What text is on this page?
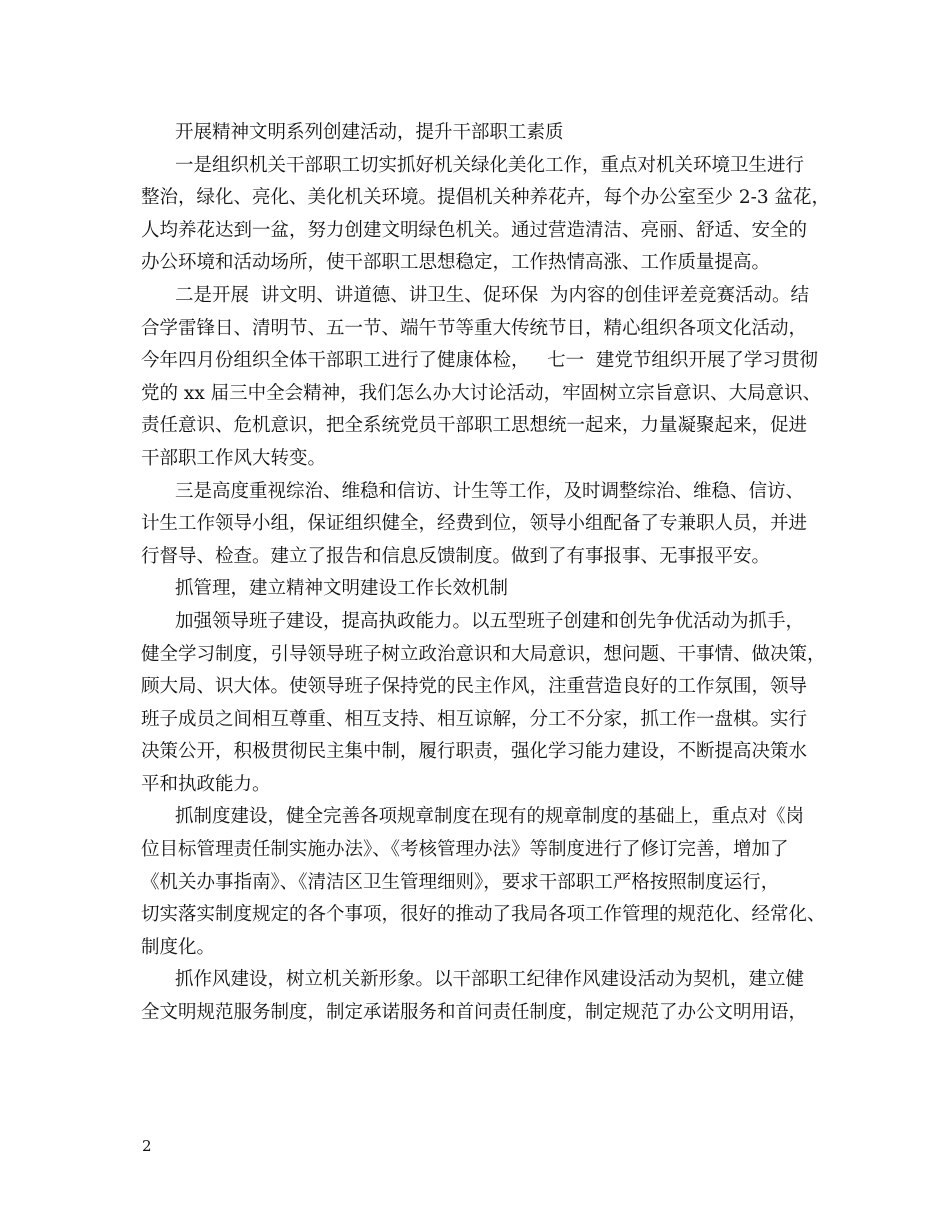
开展精神文明系列创建活动，提升干部职工素质

一是组织机关干部职工切实抓好机关绿化美化工作，重点对机关环境卫生进行
整治，绿化、亮化、美化机关环境。提倡机关种养花卉，每个办公室至少 2-3 盆花，
人均养花达到一盆，努力创建文明绿色机关。通过营造清洁、亮丽、舒适、安全的
办公环境和活动场所，使干部职工思想稳定，工作热情高涨、工作质量提高。

二是开展  讲文明、讲道德、讲卫生、促环保  为内容的创佳评差竞赛活动。结
合学雷锋日、清明节、五一节、端午节等重大传统节日，精心组织各项文化活动，
今年四月份组织全体干部职工进行了健康体检，   七一  建党节组织开展了学习贯彻
党的 xx 届三中全会精神，我们怎么办大讨论活动，牢固树立宗旨意识、大局意识、
责任意识、危机意识，把全系统党员干部职工思想统一起来，力量凝聚起来，促进
干部职工作风大转变。

三是高度重视综治、维稳和信访、计生等工作，及时调整综治、维稳、信访、
计生工作领导小组，保证组织健全，经费到位，领导小组配备了专兼职人员，并进
行督导、检查。建立了报告和信息反馈制度。做到了有事报事、无事报平安。

抓管理，建立精神文明建设工作长效机制

加强领导班子建设，提高执政能力。以五型班子创建和创先争优活动为抓手，
健全学习制度，引导领导班子树立政治意识和大局意识，想问题、干事情、做决策，
顾大局、识大体。使领导班子保持党的民主作风，注重营造良好的工作氛围，领导
班子成员之间相互尊重、相互支持、相互谅解，分工不分家，抓工作一盘棋。实行
决策公开，积极贯彻民主集中制，履行职责，强化学习能力建设，不断提高决策水
平和执政能力。

抓制度建设，健全完善各项规章制度在现有的规章制度的基础上，重点对《岗
位目标管理责任制实施办法》、《考核管理办法》等制度进行了修订完善，增加了
《机关办事指南》、《清洁区卫生管理细则》，要求干部职工严格按照制度运行，
切实落实制度规定的各个事项，很好的推动了我局各项工作管理的规范化、经常化、
制度化。

抓作风建设，树立机关新形象。以干部职工纪律作风建设活动为契机，建立健
全文明规范服务制度，制定承诺服务和首问责任制度，制定规范了办公文明用语，

2
